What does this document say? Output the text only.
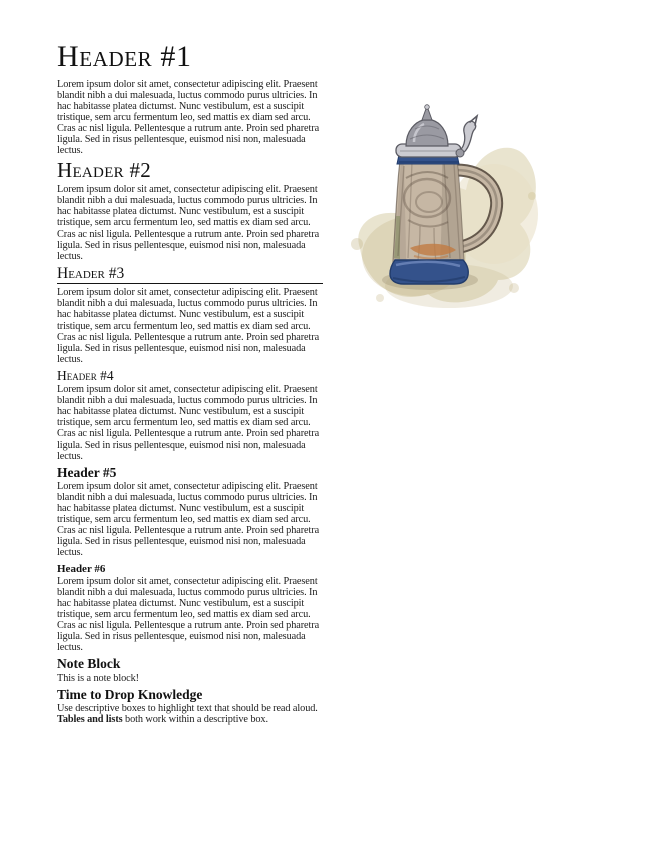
Header #1

Lorem ipsum dolor sit amet, consectetur adipiscing elit. Praesent blandit nibh a dui malesuada, luctus commodo purus ultricies. In hac habitasse platea dictumst. Nunc vestibulum, est a suscipit tristique, sem arcu fermentum leo, sed mattis ex diam sed arcu. Cras ac nisl ligula. Pellentesque a rutrum ante. Proin sed pharetra ligula. Sed in risus pellentesque, euismod nisi non, malesuada lectus.

Header #2

Lorem ipsum dolor sit amet, consectetur adipiscing elit. Praesent blandit nibh a dui malesuada, luctus commodo purus ultricies. In hac habitasse platea dictumst. Nunc vestibulum, est a suscipit tristique, sem arcu fermentum leo, sed mattis ex diam sed arcu. Cras ac nisl ligula. Pellentesque a rutrum ante. Proin sed pharetra ligula. Sed in risus pellentesque, euismod nisi non, malesuada lectus.

Header #3

Lorem ipsum dolor sit amet, consectetur adipiscing elit. Praesent blandit nibh a dui malesuada, luctus commodo purus ultricies. In hac habitasse platea dictumst. Nunc vestibulum, est a suscipit tristique, sem arcu fermentum leo, sed mattis ex diam sed arcu. Cras ac nisl ligula. Pellentesque a rutrum ante. Proin sed pharetra ligula. Sed in risus pellentesque, euismod nisi non, malesuada lectus.

Header #4

Lorem ipsum dolor sit amet, consectetur adipiscing elit. Praesent blandit nibh a dui malesuada, luctus commodo purus ultricies. In hac habitasse platea dictumst. Nunc vestibulum, est a suscipit tristique, sem arcu fermentum leo, sed mattis ex diam sed arcu. Cras ac nisl ligula. Pellentesque a rutrum ante. Proin sed pharetra ligula. Sed in risus pellentesque, euismod nisi non, malesuada lectus.

Header #5

Lorem ipsum dolor sit amet, consectetur adipiscing elit. Praesent blandit nibh a dui malesuada, luctus commodo purus ultricies. In hac habitasse platea dictumst. Nunc vestibulum, est a suscipit tristique, sem arcu fermentum leo, sed mattis ex diam sed arcu. Cras ac nisl ligula. Pellentesque a rutrum ante. Proin sed pharetra ligula. Sed in risus pellentesque, euismod nisi non, malesuada lectus.

Header #6

Lorem ipsum dolor sit amet, consectetur adipiscing elit. Praesent blandit nibh a dui malesuada, luctus commodo purus ultricies. In hac habitasse platea dictumst. Nunc vestibulum, est a suscipit tristique, sem arcu fermentum leo, sed mattis ex diam sed arcu. Cras ac nisl ligula. Pellentesque a rutrum ante. Proin sed pharetra ligula. Sed in risus pellentesque, euismod nisi non, malesuada lectus.

Note Block

This is a note block!

Time to Drop Knowledge

Use descriptive boxes to highlight text that should be read aloud.

Tables and lists both work within a descriptive box.
